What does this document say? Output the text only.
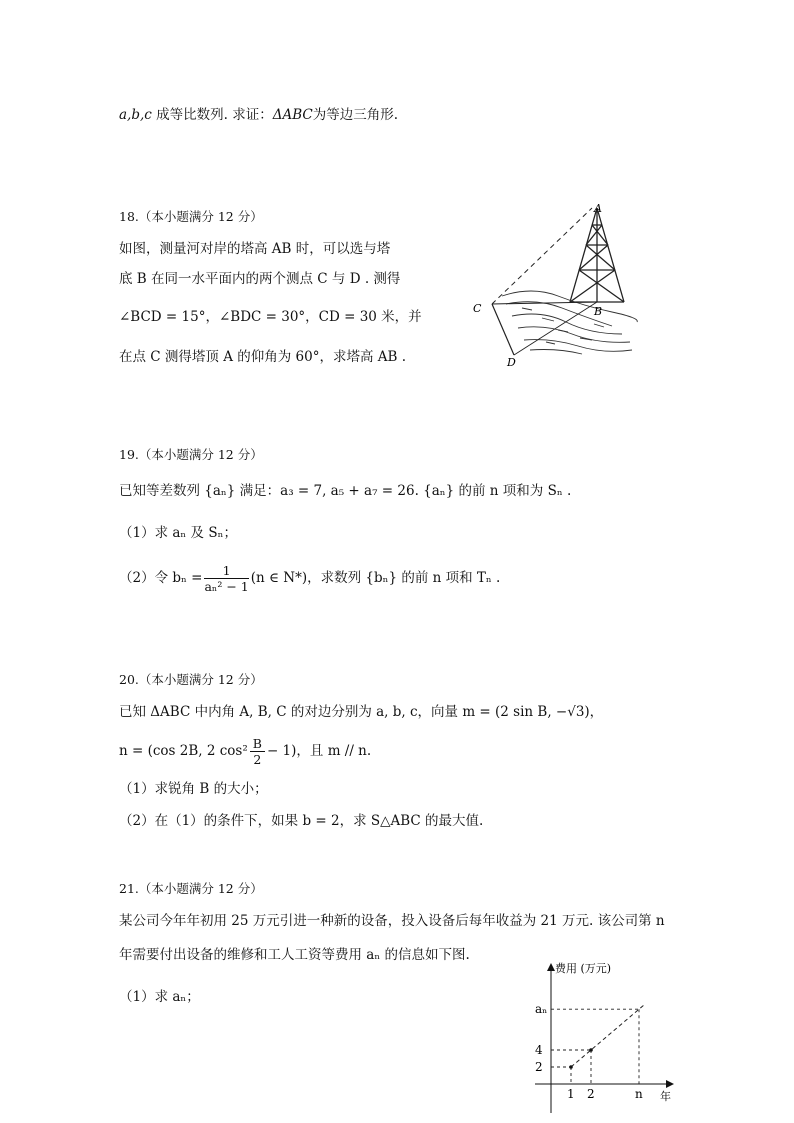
a,b,c 成等比数列. 求证：ΔABC为等边三角形.
18.（本小题满分 12 分）
如图，测量河对岸的塔高 AB 时，可以选与塔
底 B 在同一水平面内的两个测点 C 与 D . 测得
∠BCD = 15°，∠BDC = 30°，CD = 30 米，并
在点 C 测得塔顶 A 的仰角为 60°，求塔高 AB .
A
B
C
D
19.（本小题满分 12 分）
已知等差数列 {aₙ} 满足：a₃ = 7, a₅ + a₇ = 26. {aₙ} 的前 n 项和为 Sₙ .
（1）求 aₙ 及 Sₙ；
（2）令 $b_n = \frac{1}{\text{aₙ² − 1}} (n$ ∈ N*)，求数列 {bₙ} 的前 n 项和 Tₙ .
20.（本小题满分 12 分）
已知 ΔABC 中内角 A, B, C 的对边分别为 a, b, c，向量 m = (2 sin B, −√3)，
n = (cos 2B, 2 $\cos^2 \frac{B}{2} - 1$)，且 m // n.
（1）求锐角 B 的大小；
（2）在（1）的条件下，如果 b = 2，求 S△ABC 的最大值.
21.（本小题满分 12 分）
某公司今年年初用 25 万元引进一种新的设备，投入设备后每年收益为 21 万元. 该公司第 n
年需要付出设备的维修和工人工资等费用 aₙ 的信息如下图.
（1）求 aₙ；
费用 (万元)
年
1 2	n
2
4
aₙ
